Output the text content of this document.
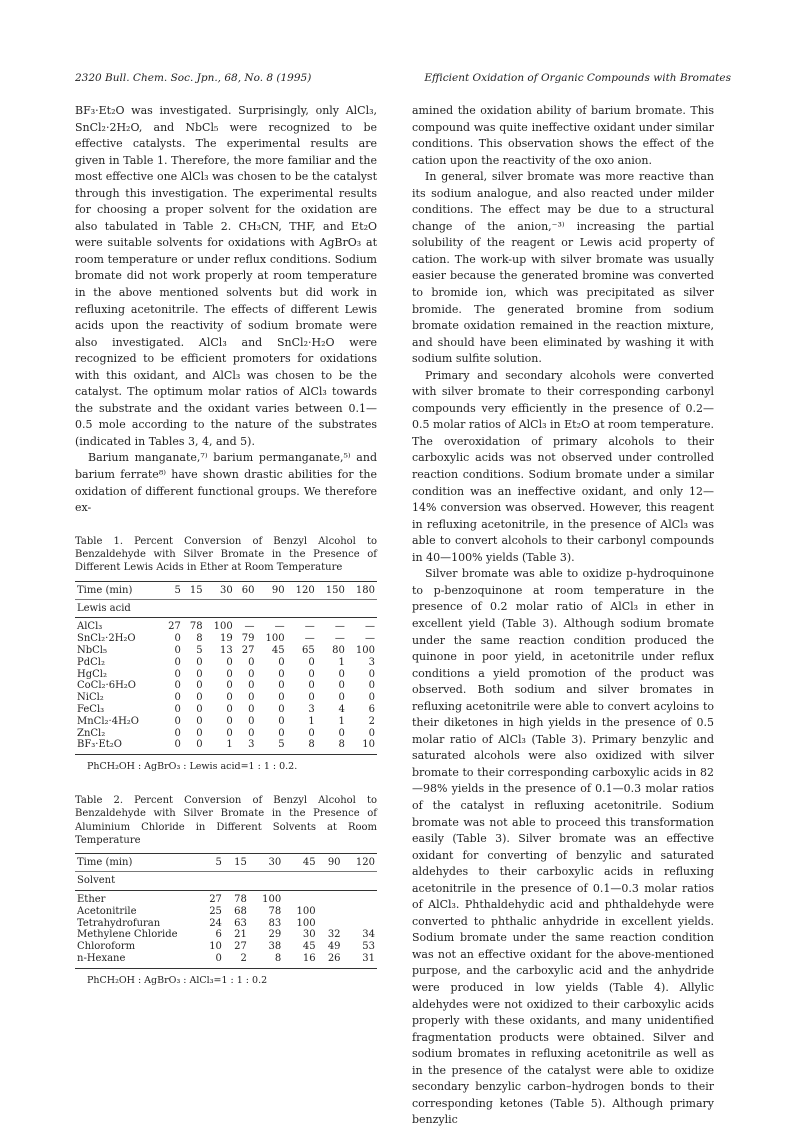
2320 Bull. Chem. Soc. Jpn., 68, No. 8 (1995)	Efficient Oxidation of Organic Compounds with Bromates

BF₃·Et₂O was investigated. Surprisingly, only AlCl₃, SnCl₂·2H₂O, and NbCl₅ were recognized to be effective catalysts. The experimental results are given in Table 1. Therefore, the more familiar and the most effective one AlCl₃ was chosen to be the catalyst through this investigation. The experimental results for choosing a proper solvent for the oxidation are also tabulated in Table 2. CH₃CN, THF, and Et₂O were suitable solvents for oxidations with AgBrO₃ at room temperature or under reflux conditions. Sodium bromate did not work properly at room temperature in the above mentioned solvents but did work in refluxing acetonitrile. The effects of different Lewis acids upon the reactivity of sodium bromate were also investigated. AlCl₃ and SnCl₂·H₂O were recognized to be efficient promoters for oxidations with this oxidant, and AlCl₃ was chosen to be the catalyst. The optimum molar ratios of AlCl₃ towards the substrate and the oxidant varies between 0.1—0.5 mole according to the nature of the substrates (indicated in Tables 3, 4, and 5).

Barium manganate,⁷⁾ barium permanganate,⁵⁾ and barium ferrate⁸⁾ have shown drastic abilities for the oxidation of different functional groups. We therefore ex-

Table 1. Percent Conversion of Benzyl Alcohol to Benzaldehyde with Silver Bromate in the Presence of Different Lewis Acids in Ether at Room Temperature
Time (min)	5	15	30	60	90	120	150	180
Lewis acid								
AlCl₃	27	78	100	—	—	—	—	—
SnCl₂·2H₂O	0	8	19	79	100	—	—	—
NbCl₅	0	5	13	27	45	65	80	100
PdCl₂	0	0	0	0	0	0	1	3
HgCl₂	0	0	0	0	0	0	0	0
CoCl₂·6H₂O	0	0	0	0	0	0	0	0
NiCl₂	0	0	0	0	0	0	0	0
FeCl₃	0	0	0	0	0	3	4	6
MnCl₂·4H₂O	0	0	0	0	0	1	1	2
ZnCl₂	0	0	0	0	0	0	0	0
BF₃·Et₂O	0	0	1	3	5	8	8	10
PhCH₂OH : AgBrO₃ : Lewis acid=1 : 1 : 0.2.
Table 2. Percent Conversion of Benzyl Alcohol to Benzaldehyde with Silver Bromate in the Presence of Aluminium Chloride in Different Solvents at Room Temperature
Time (min)	5	15	30	45	90	120
Solvent						
Ether	27	78	100			
Acetonitrile	25	68	78	100		
Tetrahydrofuran	24	63	83	100		
Methylene Chloride	6	21	29	30	32	34
Chloroform	10	27	38	45	49	53
n-Hexane	0	2	8	16	26	31
PhCH₂OH : AgBrO₃ : AlCl₃=1 : 1 : 0.2

amined the oxidation ability of barium bromate. This compound was quite ineffective oxidant under similar conditions. This observation shows the effect of the cation upon the reactivity of the oxo anion.

In general, silver bromate was more reactive than its sodium analogue, and also reacted under milder conditions. The effect may be due to a structural change of the anion,⁻³⁾ increasing the partial solubility of the reagent or Lewis acid property of cation. The work-up with silver bromate was usually easier because the generated bromine was converted to bromide ion, which was precipitated as silver bromide. The generated bromine from sodium bromate oxidation remained in the reaction mixture, and should have been eliminated by washing it with sodium sulfite solution.

Primary and secondary alcohols were converted with silver bromate to their corresponding carbonyl compounds very efficiently in the presence of 0.2—0.5 molar ratios of AlCl₃ in Et₂O at room temperature. The overoxidation of primary alcohols to their carboxylic acids was not observed under controlled reaction conditions. Sodium bromate under a similar condition was an ineffective oxidant, and only 12—14% conversion was observed. However, this reagent in refluxing acetonitrile, in the presence of AlCl₃ was able to convert alcohols to their carbonyl compounds in 40—100% yields (Table 3).

Silver bromate was able to oxidize p-hydroquinone to p-benzoquinone at room temperature in the presence of 0.2 molar ratio of AlCl₃ in ether in excellent yield (Table 3). Although sodium bromate under the same reaction condition produced the quinone in poor yield, in acetonitrile under reflux conditions a yield promotion of the product was observed. Both sodium and silver bromates in refluxing acetonitrile were able to convert acyloins to their diketones in high yields in the presence of 0.5 molar ratio of AlCl₃ (Table 3). Primary benzylic and saturated alcohols were also oxidized with silver bromate to their corresponding carboxylic acids in 82—98% yields in the presence of 0.1—0.3 molar ratios of the catalyst in refluxing acetonitrile. Sodium bromate was not able to proceed this transformation easily (Table 3). Silver bromate was an effective oxidant for converting of benzylic and saturated aldehydes to their carboxylic acids in refluxing acetonitrile in the presence of 0.1—0.3 molar ratios of AlCl₃. Phthaldehydic acid and phthaldehyde were converted to phthalic anhydride in excellent yields. Sodium bromate under the same reaction condition was not an effective oxidant for the above-mentioned purpose, and the carboxylic acid and the anhydride were produced in low yields (Table 4). Allylic aldehydes were not oxidized to their carboxylic acids properly with these oxidants, and many unidentified fragmentation products were obtained. Silver and sodium bromates in refluxing acetonitrile as well as in the presence of the catalyst were able to oxidize secondary benzylic carbon–hydrogen bonds to their corresponding ketones (Table 5). Although primary benzylic
